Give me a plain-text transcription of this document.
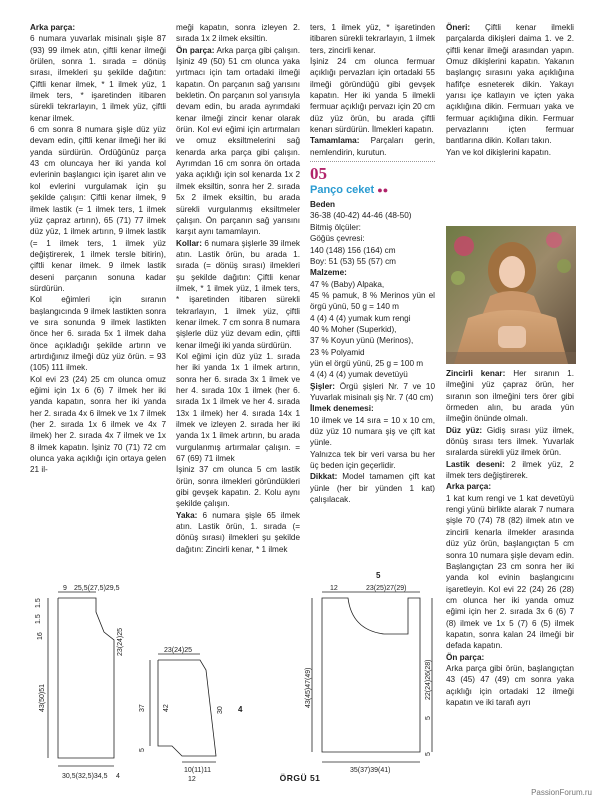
Arka parça:

6 numara yuvarlak misinalı şişle 87 (93) 99 ilmek atın, çiftli kenar ilmeği örülen, sonra 1. sırada = dönüş sırası, ilmekleri şu şekilde dağıtın: Çiftli kenar ilmek, * 1 ilmek yüz, 1 ilmek ters, * işaretinden itibaren sürekli tekrarlayın, 1 ilmek yüz, çiftli kenar ilmek.

6 cm sonra 8 numara şişle düz yüz devam edin, çiftli kenar ilmeği her iki yanda sürdürün. Ördüğünüz parça 43 cm oluncaya her iki yanda kol evlerinin başlangıcı için işaret alın ve kol evlerini vurgulamak için şu şekilde çalışın: Çiftli kenar ilmek, 9 ilmek lastik (= 1 ilmek ters, 1 ilmek yüz çapraz artırın), 65 (71) 77 ilmek düz yüz, 1 ilmek artırın, 9 ilmek lastik (= 1 ilmek ters, 1 ilmek yüz değiştirerek, 1 ilmek tersle bitirin), çiftli kenar ilmek. 9 ilmek lastik deseni parçanın sonuna kadar sürdürün.

Kol eğimleri için sıranın başlangıcında 9 ilmek lastikten sonra ve sıra sonunda 9 ilmek lastikten önce her 6. sırada 5x 1 ilmek daha önce açıkladığı şekilde artırın ve artırdığınız ilmeği düz yüz örün. = 93 (105) 111 ilmek.

Kol evi 23 (24) 25 cm olunca omuz eğimi için 1x 6 (6) 7 ilmek her iki yanda kapatın, sonra her iki yanda her 2. sırada 4x 6 ilmek ve 1x 7 ilmek (her 2. sırada 1x 6 ilmek ve 4x 7 ilmek) her 2. sırada 4x 7 ilmek ve 1x 8 ilmek kapatın. İşiniz 70 (71) 72 cm olunca yaka açıklığı için ortaya gelen 21 il-

meği kapatın, sonra izleyen 2. sırada 1x 2 ilmek eksiltin.

Ön parça: Arka parça gibi çalışın. İşiniz 49 (50) 51 cm olunca yaka yırtmacı için tam ortadaki ilmeği kapatın. Ön parçanın sağ yarısını bekletin. Ön parçanın sol yarısıyla devam edin, bu arada ayrımdaki kenar ilmeği zincir kenar olarak örün. Kol evi eğimi için artırmaları ve omuz eksiltmelerini sağ kenarda arka parça gibi çalışın. Ayrımdan 16 cm sonra ön ortada yaka açıklığı için sol kenarda 1x 2 ilmek eksiltin, sonra her 2. sırada 5x 2 ilmek eksiltin, bu arada sürekli vurgulanmış eksiltmeler çalışın. Ön parçanın sağ yarısını karşıt aynı tamamlayın.

Kollar: 6 numara şişlerle 39 ilmek atın. Lastik örün, bu arada 1. sırada (= dönüş sırası) ilmekleri şu şekilde dağıtın: Çiftli kenar ilmek, * 1 ilmek yüz, 1 ilmek ters, * işaretinden itibaren sürekli tekrarlayın, 1 ilmek yüz, çiftli kenar ilmek. 7 cm sonra 8 numara şişlerle düz yüz devam edin, çiftli kenar ilmeği iki yanda sürdürün.

Kol eğimi için düz yüz 1. sırada her iki yanda 1x 1 ilmek artırın, sonra her 6. sırada 3x 1 ilmek ve her 4. sırada 10x 1 ilmek (her 6. sırada 1x 1 ilmek ve her 4. sırada 13x 1 ilmek) her 4. sırada 14x 1 ilmek ve izleyen 2. sırada her iki yanda 1x 1 ilmek artırın, bu arada vurgulanmış artırmalar çalışın. = 67 (69) 71 ilmek

İşiniz 37 cm olunca 5 cm lastik örün, sonra ilmekleri göründükleri gibi gevşek kapatın. 2. Kolu aynı şekilde çalışın.

Yaka: 6 numara şişle 65 ilmek atın. Lastik örün, 1. sırada (= dönüş sırası) ilmekleri şu şekilde dağıtın: Zincirli kenar, * 1 ilmek

ters, 1 ilmek yüz, * işaretinden itibaren sürekli tekrarlayın, 1 ilmek ters, zincirli kenar.

İşiniz 24 cm olunca fermuar açıklığı pervazları için ortadaki 55 ilmeği göründüğü gibi gevşek kapatın. Her iki yanda 5 ilmekli fermuar açıklığı pervazı için 20 cm düz yüz örün, bu arada çiftli kenarı sürdürün. İlmekleri kapatın.

Tamamlama: Parçaları gerin, nemlendirin, kurutun.

05
Panço ceket ●●

Beden

36-38 (40-42) 44-46 (48-50)

Bitmiş ölçüler:

Göğüs çevresi:

140 (148) 156 (164) cm

Boy: 51 (53) 55 (57) cm

Malzeme:

47 % (Baby) Alpaka,

45 % pamuk, 8 % Merinos yün el örgü yünü, 50 g = 140 m

4 (4) 4 (4) yumak kum rengi

40 % Moher (Superkid),

37 % Koyun yünü (Merinos),

23 % Polyamid

yün el örgü yünü, 25 g = 100 m

4 (4) 4 (4) yumak devetüyü

Şişler: Örgü şişleri Nr. 7 ve 10 Yuvarlak misinalı şiş Nr. 7 (40 cm)

İlmek denemesi:

10 ilmek ve 14 sıra = 10 x 10 cm, düz yüz 10 numara şiş ve çift kat yünle.

Yalnızca tek bir veri varsa bu her üç beden için geçerlidir.

Dikkat: Model tamamen çift kat yünle (her bir yünden 1 kat) çalışılacak.

Öneri: Çiftli kenar ilmekli parçalarda dikişleri daima 1. ve 2. çiftli kenar ilmeği arasından yapın. Omuz dikişlerini kapatın. Yakanın başlangıç sırasını yaka açıklığına hafifçe esneterek dikin. Yakayı yarısı içe katlayın ve içten yaka açıklığına dikin. Fermuarı yaka ve fermuar açıklığına dikin. Fermuar pervazlarını içten fermuar bantlarına dikin. Kolları takın.

Yan ve kol dikişlerini kapatın.

Zincirli kenar: Her sıranın 1. ilmeğini yüz çapraz örün, her sıranın son ilmeğini ters örer gibi örmeden alın, bu arada yün ilmeğin önünde olmalı.

Düz yüz: Gidiş sırası yüz ilmek, dönüş sırası ters ilmek. Yuvarlak sıralarda sürekli yüz ilmek örün.

Lastik deseni: 2 ilmek yüz, 2 ilmek ters değiştirerek.

Arka parça:

1 kat kum rengi ve 1 kat devetüyü rengi yünü birlikte alarak 7 numara şişle 70 (74) 78 (82) ilmek atın ve zincirli kenarla ilmekler arasında düz yüz örün, başlangıçtan 5 cm sonra 10 numara şişle devam edin. Başlangıçtan 23 cm sonra her iki yanda kol evinin başlangıcını işaretleyin. Kol evi 22 (24) 26 (28) cm olunca her iki yanda omuz eğimi için her 2. sırada 3x 6 (6) 7 (8) ilmek ve 1x 5 (7) 6 (5) ilmek kapatın, sonra kalan 24 ilmeği bir defada kapatın.

Ön parça:

Arka parça gibi örün, başlangıçtan 43 (45) 47 (49) cm sonra yaka açıklığı için ortadaki 12 ilmeği kapatın ve iki tarafı ayrı

9 25,5(27,5)29,5
1.5
1.5
16	23(24)25
43(50)51
30,5(32,5)34,5 4
23(24)25
37 42
5
10(11)11
12
30 4
5
12	23(25)27(29)
22(24)26(28)
43(45)47(49)
5
35(37)39(41)
5
ÖRGÜ 51
PassionForum.ru
